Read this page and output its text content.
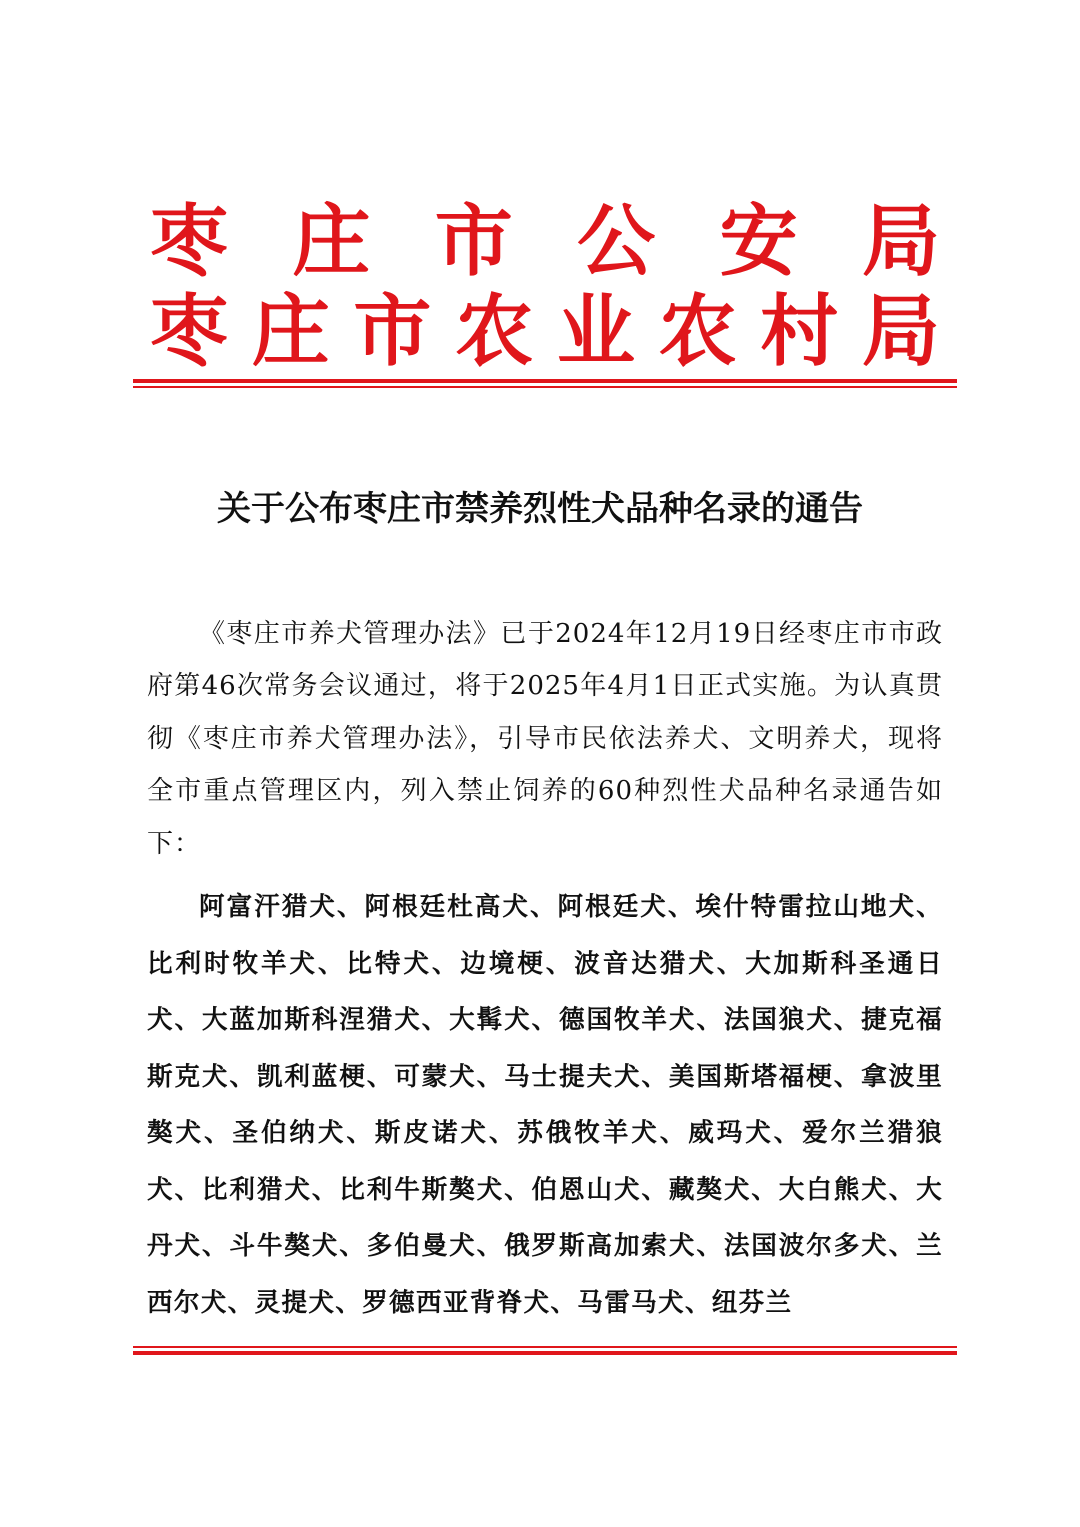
枣 庄 市 公 安 局
枣 庄 市 农 业 农 村 局
关于公布枣庄市禁养烈性犬品种名录的通告

《枣庄市养犬管理办法》已于2024年12月19日经枣庄市市政府第46次常务会议通过，将于2025年4月1日正式实施。为认真贯彻《枣庄市养犬管理办法》，引导市民依法养犬、文明养犬，现将全市重点管理区内，列入禁止饲养的60种烈性犬品种名录通告如下：

阿富汗猎犬、阿根廷杜高犬、阿根廷犬、埃什特雷拉山地犬、比利时牧羊犬、比特犬、边境梗、波音达猎犬、大加斯科圣通日犬、大蓝加斯科涅猎犬、大髯犬、德国牧羊犬、法国狼犬、捷克福斯克犬、凯利蓝梗、可蒙犬、马士提夫犬、美国斯塔福梗、拿波里獒犬、圣伯纳犬、斯皮诺犬、苏俄牧羊犬、威玛犬、爱尔兰猎狼犬、比利猎犬、比利牛斯獒犬、伯恩山犬、藏獒犬、大白熊犬、大丹犬、斗牛獒犬、多伯曼犬、俄罗斯高加索犬、法国波尔多犬、兰西尔犬、灵提犬、罗德西亚背脊犬、马雷马犬、纽芬兰
